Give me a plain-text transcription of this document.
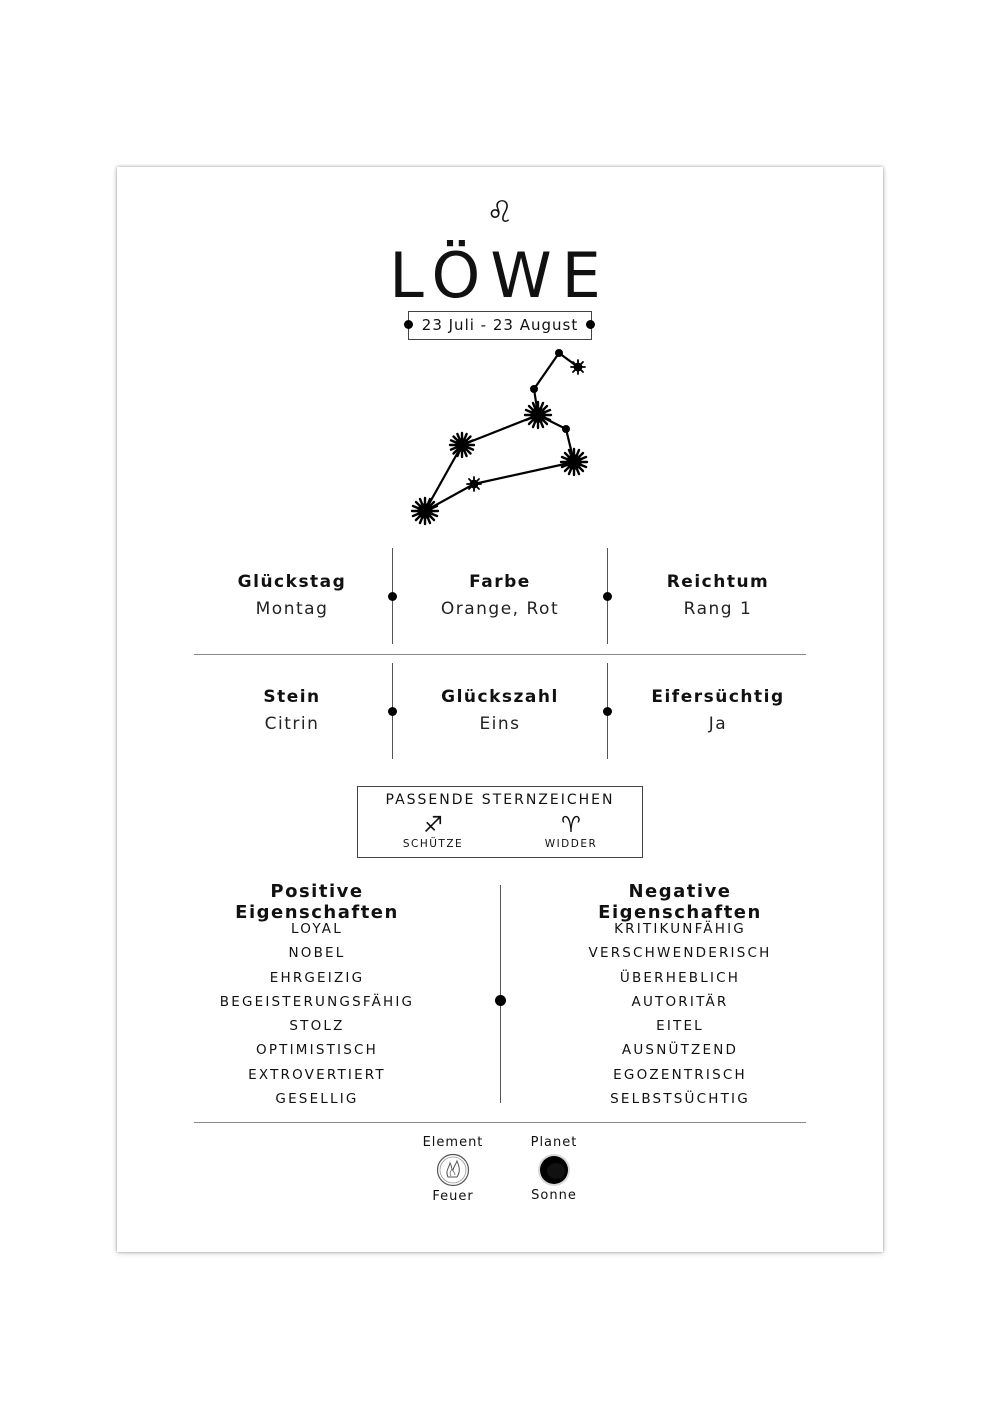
♌
LÖWE
23 Juli - 23 August
Glückstag
Montag
Farbe
Orange, Rot
Reichtum
Rang 1
Stein
Citrin
Glückszahl
Eins
Eifersüchtig
Ja
PASSENDE STERNZEICHEN
♐
SCHÜTZE
♈
WIDDER
Positive Eigenschaften
LOYAL
NOBEL
EHRGEIZIG
BEGEISTERUNGSFÄHIG
STOLZ
OPTIMISTISCH
EXTROVERTIERT
GESELLIG
Negative Eigenschaften
KRITIKUNFÄHIG
VERSCHWENDERISCH
ÜBERHEBLICH
AUTORITÄR
EITEL
AUSNÜTZEND
EGOZENTRISCH
SELBSTSÜCHTIG
Element
Feuer
Planet
Sonne
